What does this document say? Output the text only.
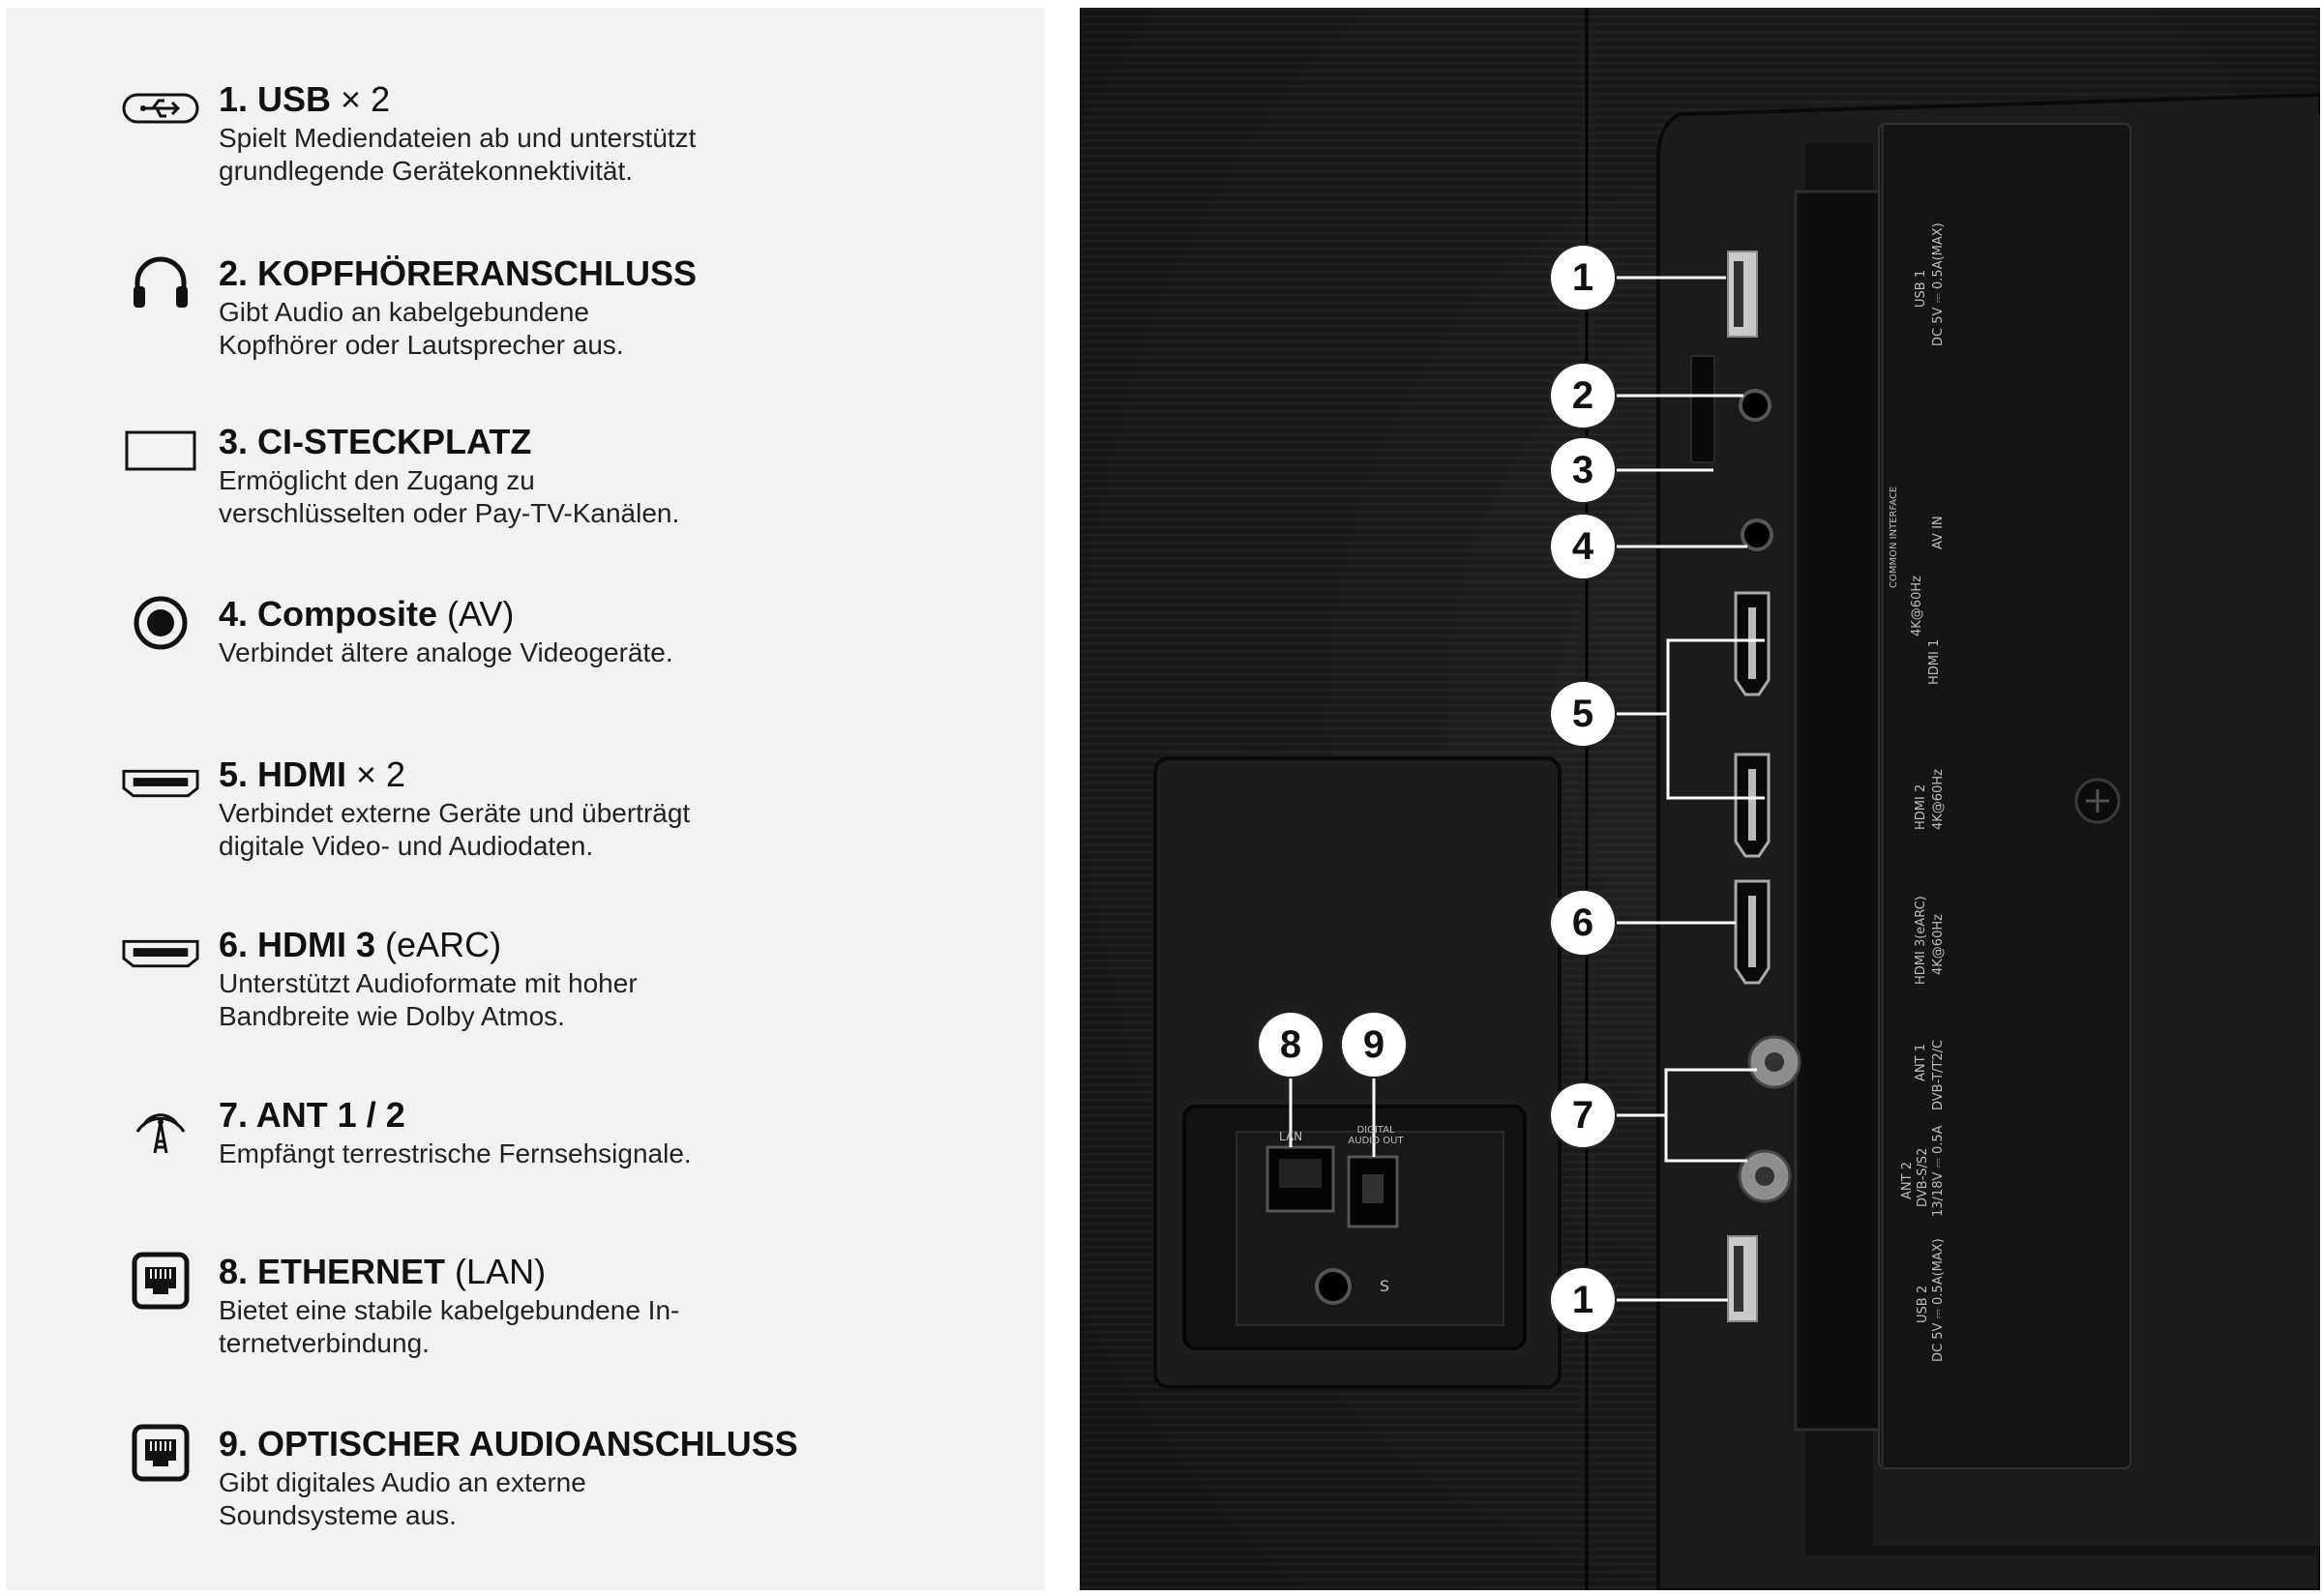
1. USB × 2
Spielt Mediendateien ab und unterstützt
grundlegende Gerätekonnektivität.
2. KOPFHÖRERANSCHLUSS
Gibt Audio an kabelgebundene
Kopfhörer oder Lautsprecher aus.
3. CI-STECKPLATZ
Ermöglicht den Zugang zu
verschlüsselten oder Pay-TV-Kanälen.
4. Composite (AV)
Verbindet ältere analoge Videogeräte.
5. HDMI × 2
Verbindet externe Geräte und überträgt
digitale Video- und Audiodaten.
6. HDMI 3 (eARC)
Unterstützt Audioformate mit hoher
Bandbreite wie Dolby Atmos.
7. ANT 1 / 2
Empfängt terrestrische Fernsehsignale.
8. ETHERNET (LAN)
Bietet eine stabile kabelgebundene In-
ternetverbindung.
9. OPTISCHER AUDIOANSCHLUSS
Gibt digitales Audio an externe
Soundsysteme aus.
1
2
3
4
5
6
7
8	9
1
USB 1 DC 5V ⎓ 0.5A(MAX)
COMMON INTERFACE	AV IN
HDMI 1
4K@60Hz
HDMI 2 4K@60Hz
HDMI 3(eARC) 4K@60Hz
ANT 1 DVB-T/T2/C
ANT 2 DVB-S/S2 13/18V ⎓ 0.5A
USB 2 DC 5V ⎓ 0.5A(MAX)
LAN	DIGITAL AUDIO OUT
S
